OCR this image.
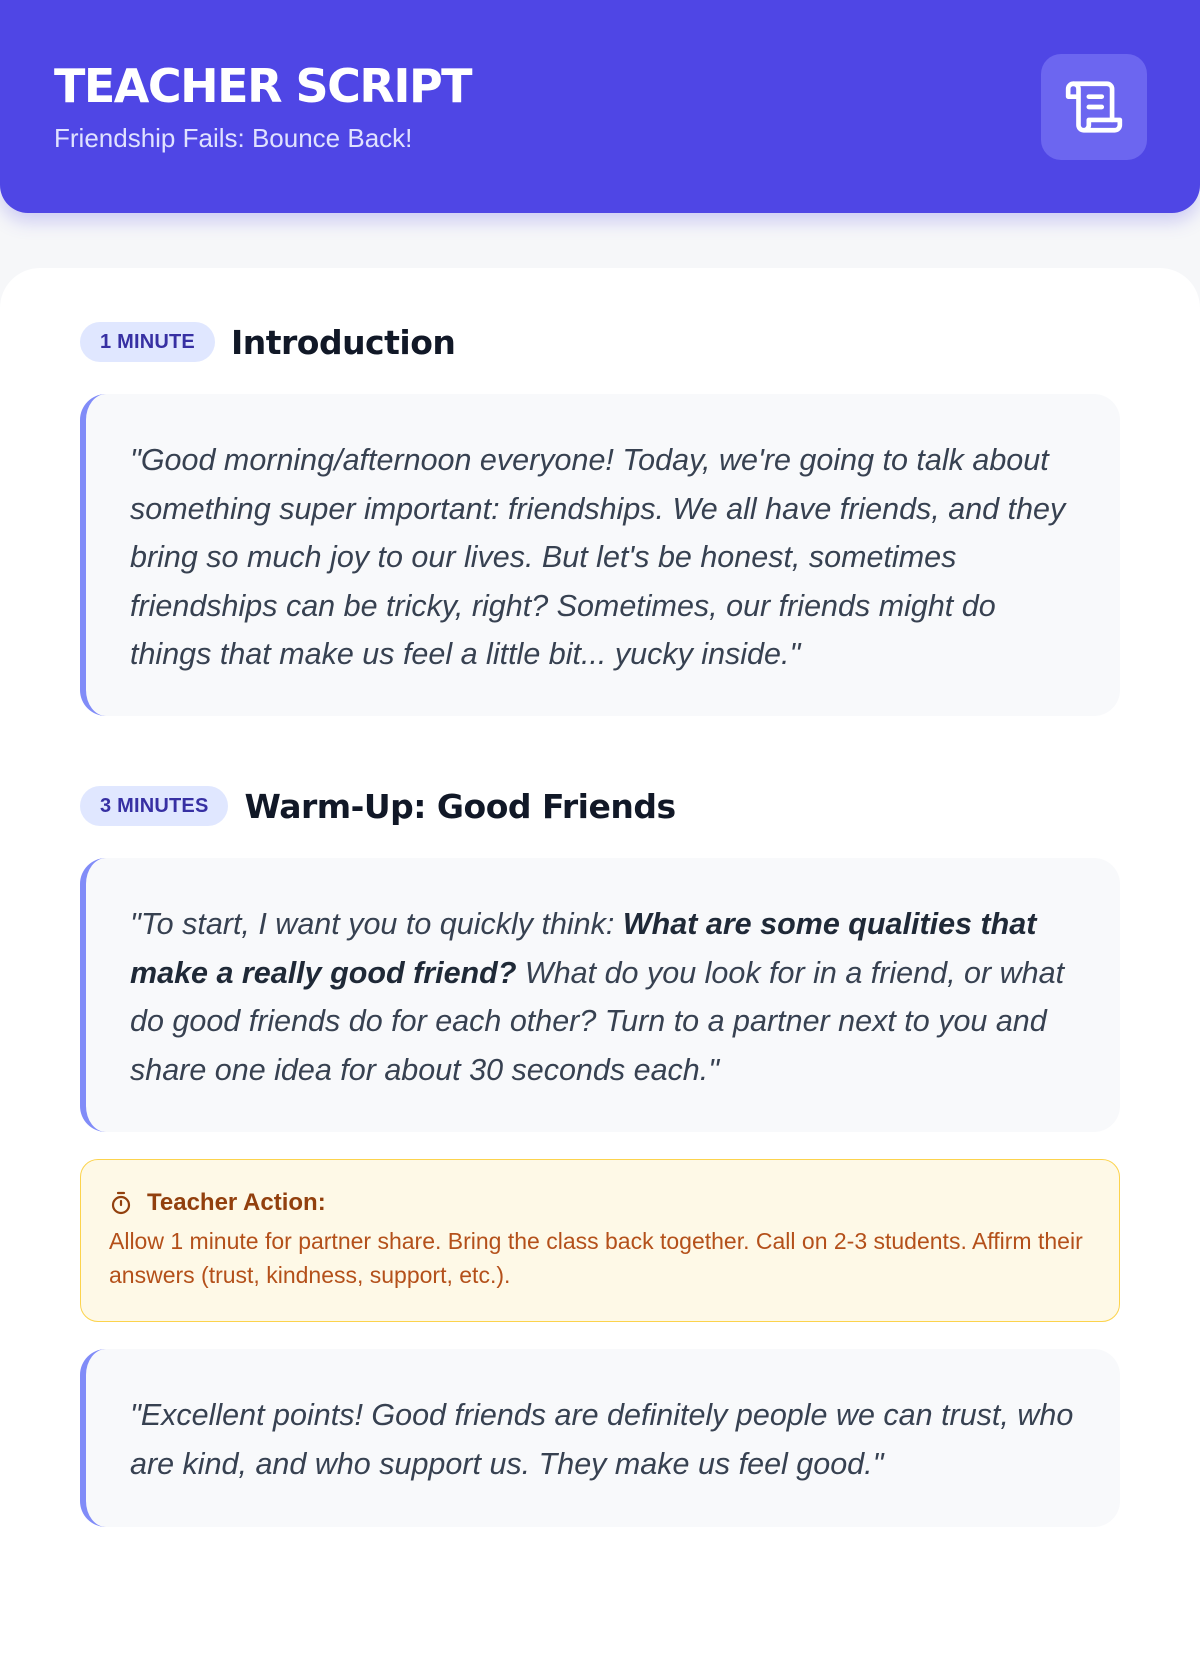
TEACHER SCRIPT
Friendship Fails: Bounce Back!
1 MINUTE	Introduction

"Good morning/afternoon everyone! Today, we're going to talk about something super important: friendships. We all have friends, and they bring so much joy to our lives. But let's be honest, sometimes friendships can be tricky, right? Sometimes, our friends might do things that make us feel a little bit... yucky inside."

3 MINUTES	Warm-Up: Good Friends

"To start, I want you to quickly think: What are some qualities that make a really good friend? What do you look for in a friend, or what do good friends do for each other? Turn to a partner next to you and share one idea for about 30 seconds each."

Teacher Action:
Allow 1 minute for partner share. Bring the class back together. Call on 2-3 students. Affirm their answers (trust, kindness, support, etc.).

"Excellent points! Good friends are definitely people we can trust, who are kind, and who support us. They make us feel good."
